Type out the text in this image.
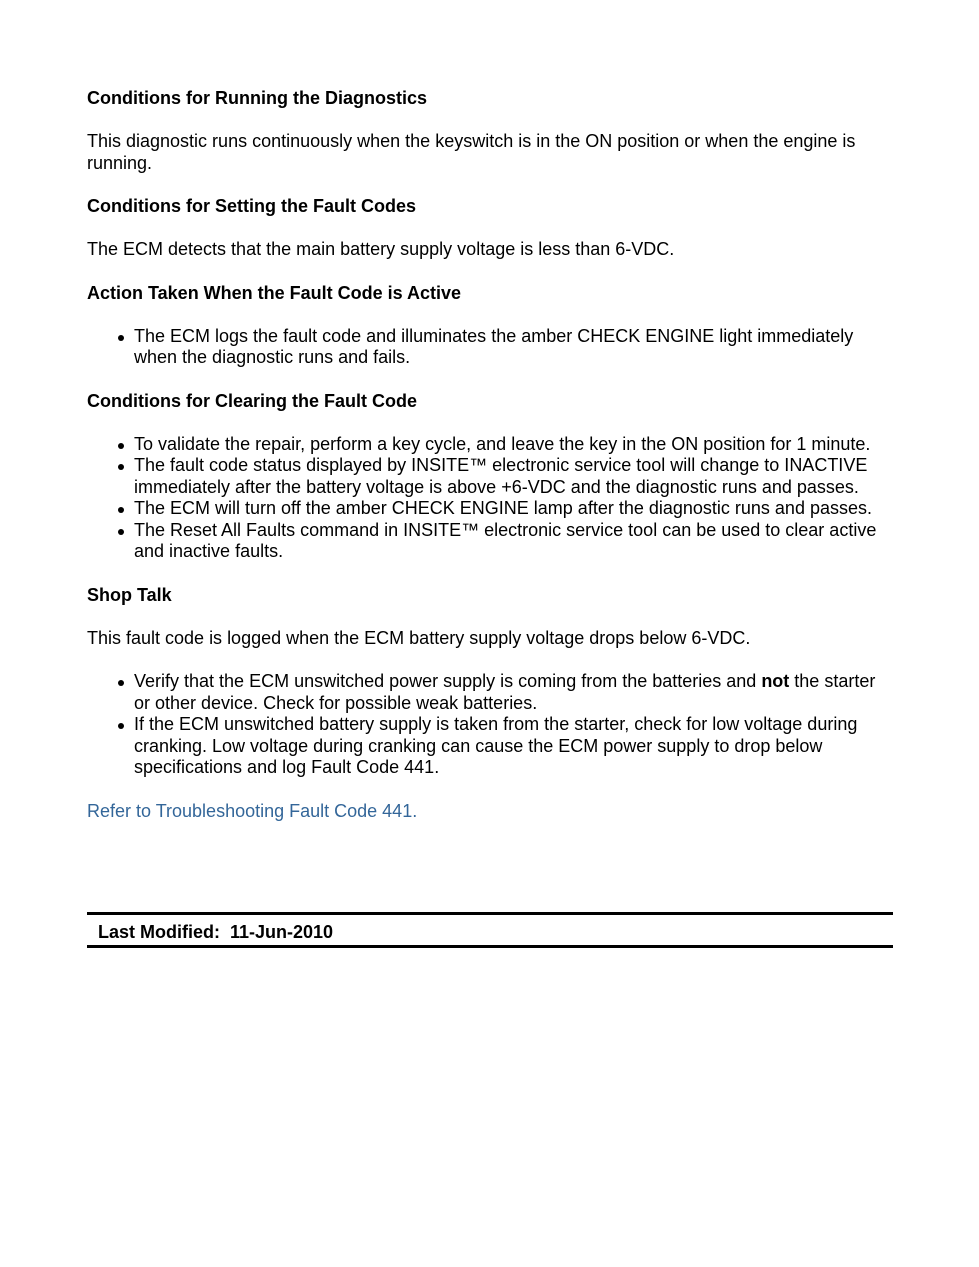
Conditions for Running the Diagnostics

This diagnostic runs continuously when the keyswitch is in the ON position or when the engine is running.

Conditions for Setting the Fault Codes

The ECM detects that the main battery supply voltage is less than 6-VDC.

Action Taken When the Fault Code is Active

The ECM logs the fault code and illuminates the amber CHECK ENGINE light immediately when the diagnostic runs and fails.

Conditions for Clearing the Fault Code

To validate the repair, perform a key cycle, and leave the key in the ON position for 1 minute.
The fault code status displayed by INSITE™ electronic service tool will change to INACTIVE immediately after the battery voltage is above +6-VDC and the diagnostic runs and passes.
The ECM will turn off the amber CHECK ENGINE lamp after the diagnostic runs and passes.
The Reset All Faults command in INSITE™ electronic service tool can be used to clear active and inactive faults.

Shop Talk

This fault code is logged when the ECM battery supply voltage drops below 6-VDC.

Verify that the ECM unswitched power supply is coming from the batteries and not the starter or other device. Check for possible weak batteries.
If the ECM unswitched battery supply is taken from the starter, check for low voltage during cranking. Low voltage during cranking can cause the ECM power supply to drop below specifications and log Fault Code 441.
Refer to Troubleshooting Fault Code 441.
Last Modified:  11-Jun-2010
